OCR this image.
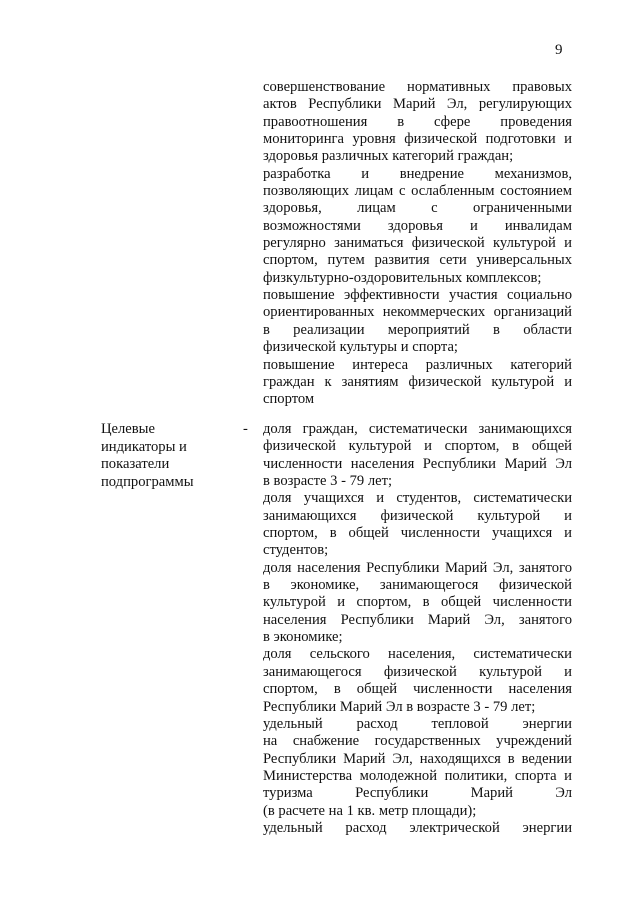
9
совершенствование нормативных правовых
актов Республики Марий Эл, регулирующих
правоотношения в сфере проведения
мониторинга уровня физической подготовки и
здоровья различных категорий граждан;
разработка и внедрение механизмов,
позволяющих лицам с ослабленным состоянием
здоровья, лицам с ограниченными
возможностями здоровья и инвалидам
регулярно заниматься физической культурой и
спортом, путем развития сети универсальных
физкультурно-оздоровительных комплексов;
повышение эффективности участия социально
ориентированных некоммерческих организаций
в реализации мероприятий в области
физической культуры и спорта;
повышение интереса различных категорий
граждан к занятиям физической культурой и
спортом
Целевые
индикаторы и
показатели
подпрограммы
- доля граждан, систематически занимающихся
физической культурой и спортом, в общей
численности населения Республики Марий Эл
в возрасте 3 - 79 лет;
доля учащихся и студентов, систематически
занимающихся физической культурой и
спортом, в общей численности учащихся и
студентов;
доля населения Республики Марий Эл, занятого
в экономике, занимающегося физической
культурой и спортом, в общей численности
населения Республики Марий Эл, занятого
в экономике;
доля сельского населения, систематически
занимающегося физической культурой и
спортом, в общей численности населения
Республики Марий Эл в возрасте 3 - 79 лет;
удельный расход тепловой энергии
на снабжение государственных учреждений
Республики Марий Эл, находящихся в ведении
Министерства молодежной политики, спорта и
туризма Республики Марий Эл
(в расчете на 1 кв. метр площади);
удельный расход электрической энергии
